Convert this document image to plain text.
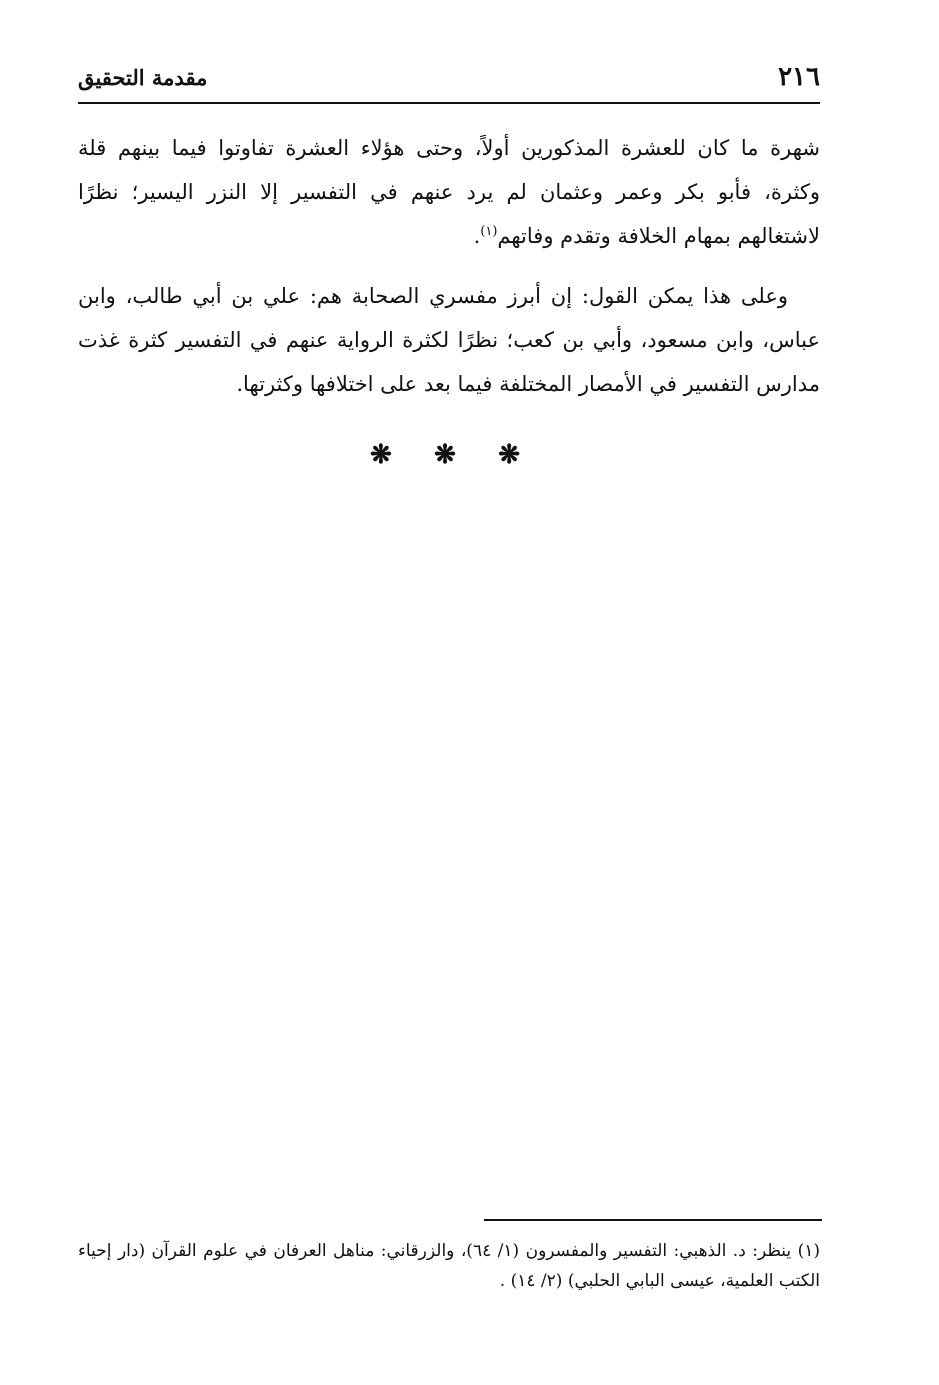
٢١٦
مقدمة التحقيق

شهرة ما كان للعشرة المذكورين أولاً، وحتى هؤلاء العشرة تفاوتوا فيما بينهم قلة وكثرة، فأبو بكر وعمر وعثمان لم يرد عنهم في التفسير إلا النزر اليسير؛ نظرًا لاشتغالهم بمهام الخلافة وتقدم وفاتهم$^{(١)}$.

وعلى هذا يمكن القول: إن أبرز مفسري الصحابة هم: علي بن أبي طالب، وابن عباس، وابن مسعود، وأبي بن كعب؛ نظرًا لكثرة الرواية عنهم في التفسير كثرة غذت مدارس التفسير في الأمصار المختلفة فيما بعد على اختلافها وكثرتها.

❋ ❋ ❋

(١) ينظر: د. الذهبي: التفسير والمفسرون (١/ ٦٤)، والزرقاني: مناهل العرفان في علوم القرآن (دار إحياء الكتب العلمية، عيسى البابي الحلبي) (٢/ ١٤) .
